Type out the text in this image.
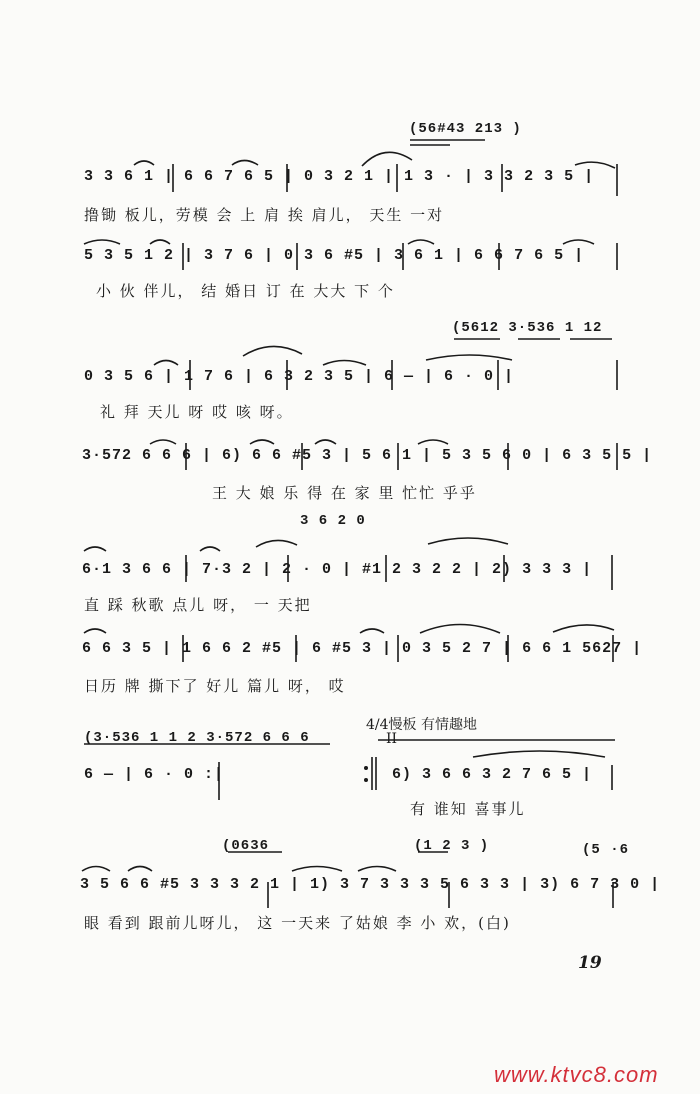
(56#43 213 )
3 3 6 1 | 6 6 7 6 5 | 0 3 2 1 | 1 3 · | 3 3 2 3 5 |
撸锄 板儿，劳模 会 上 肩 挨 肩儿， 天生 一对
5 3 5 1 2 | 3 7 6 | 0 3 6 #5 | 3 6 1 | 6 6 7 6 5 |
小 伙 伴儿， 结 婚日 订 在 大大 下 个
(5612 3·536 1 12
0 3 5 6 | 1 7 6 | 6 3 2 3 5 | 6 — | 6 · 0 |
礼 拜 天儿 呀 哎 咳 呀。
3·572 6 6 6 | 6) 6 6 #5 3 | 5 6 1 | 5 3 5 6 0 | 6 3 5 5 |
王 大 娘 乐 得 在 家 里 忙忙 乎乎
3 6 2 0
6·1 3 6 6 | 7·3 2 | 2 · 0 | #1 2 3 2 2 | 2) 3 3 3 |
直 踩 秋歌 点儿 呀， 一 天把
6 6 3 5 | 1 6 6 2 #5 | 6 #5 3 | 0 3 5 2 7 | 6 6 1 5627 |
日历 牌 撕下了 好儿 篇儿 呀， 哎
(3·536 1 1 2 3·572 6 6 6
4/4慢板 有情趣地
II
6 — | 6 · 0 :|	6) 3 6 6 3 2 7 6 5 |
有 谁知 喜事儿
(0636	(1 2 3 )	(5 ·6
3 5 6 6 #5 3 3 3 2 1 | 1) 3 7 3 3 3 5 6 3 3 | 3) 6 7 3 0 |
眼 看到 跟前儿呀儿， 这 一天来 了姑娘 李 小 欢，(白)
19
www.ktvc8.com
